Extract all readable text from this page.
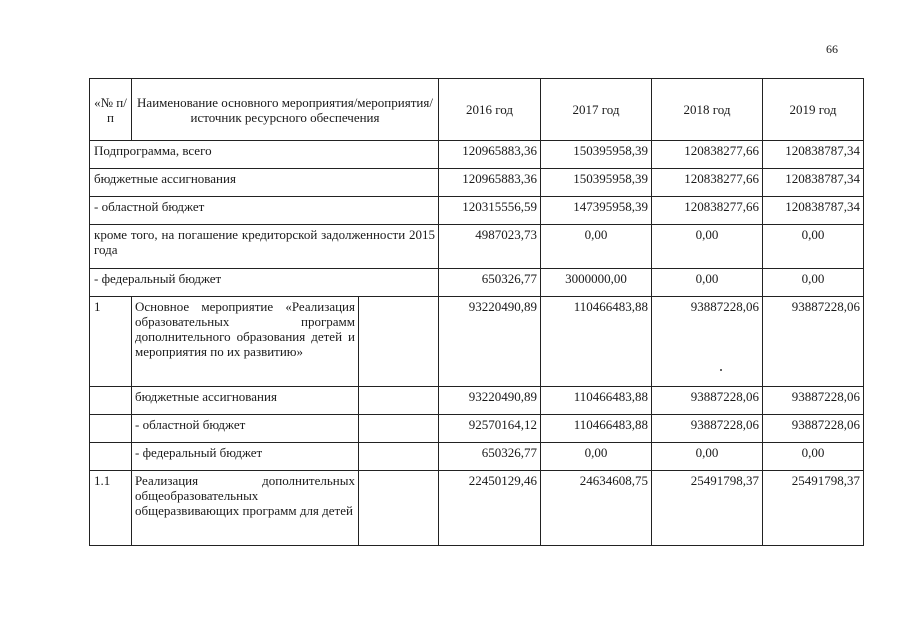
66
«№ п/п	Наименование основного мероприятия/мероприятия/источник ресурсного обеспечения		2016 год	2017 год	2018 год	2019 год
Подпрограмма, всего			120965883,36	150395958,39	120838277,66	120838787,34
бюджетные ассигнования			120965883,36	150395958,39	120838277,66	120838787,34
- областной бюджет			120315556,59	147395958,39	120838277,66	120838787,34
кроме того, на погашение кредиторской задолженности 2015 года			4987023,73	0,00	0,00	0,00
- федеральный бюджет			650326,77	3000000,00	0,00	0,00
1	Основное мероприятие «Реализация образовательных программ дополнительного образования детей и мероприятия по их развитию»		93220490,89	110466483,88	93887228,06	93887228,06
	бюджетные ассигнования		93220490,89	110466483,88	93887228,06	93887228,06
	- областной бюджет		92570164,12	110466483,88	93887228,06	93887228,06
	- федеральный бюджет		650326,77	0,00	0,00	0,00
1.1	Реализация дополнительных общеобразовательных общеразвивающих программ для детей		22450129,46	24634608,75	25491798,37	25491798,37
